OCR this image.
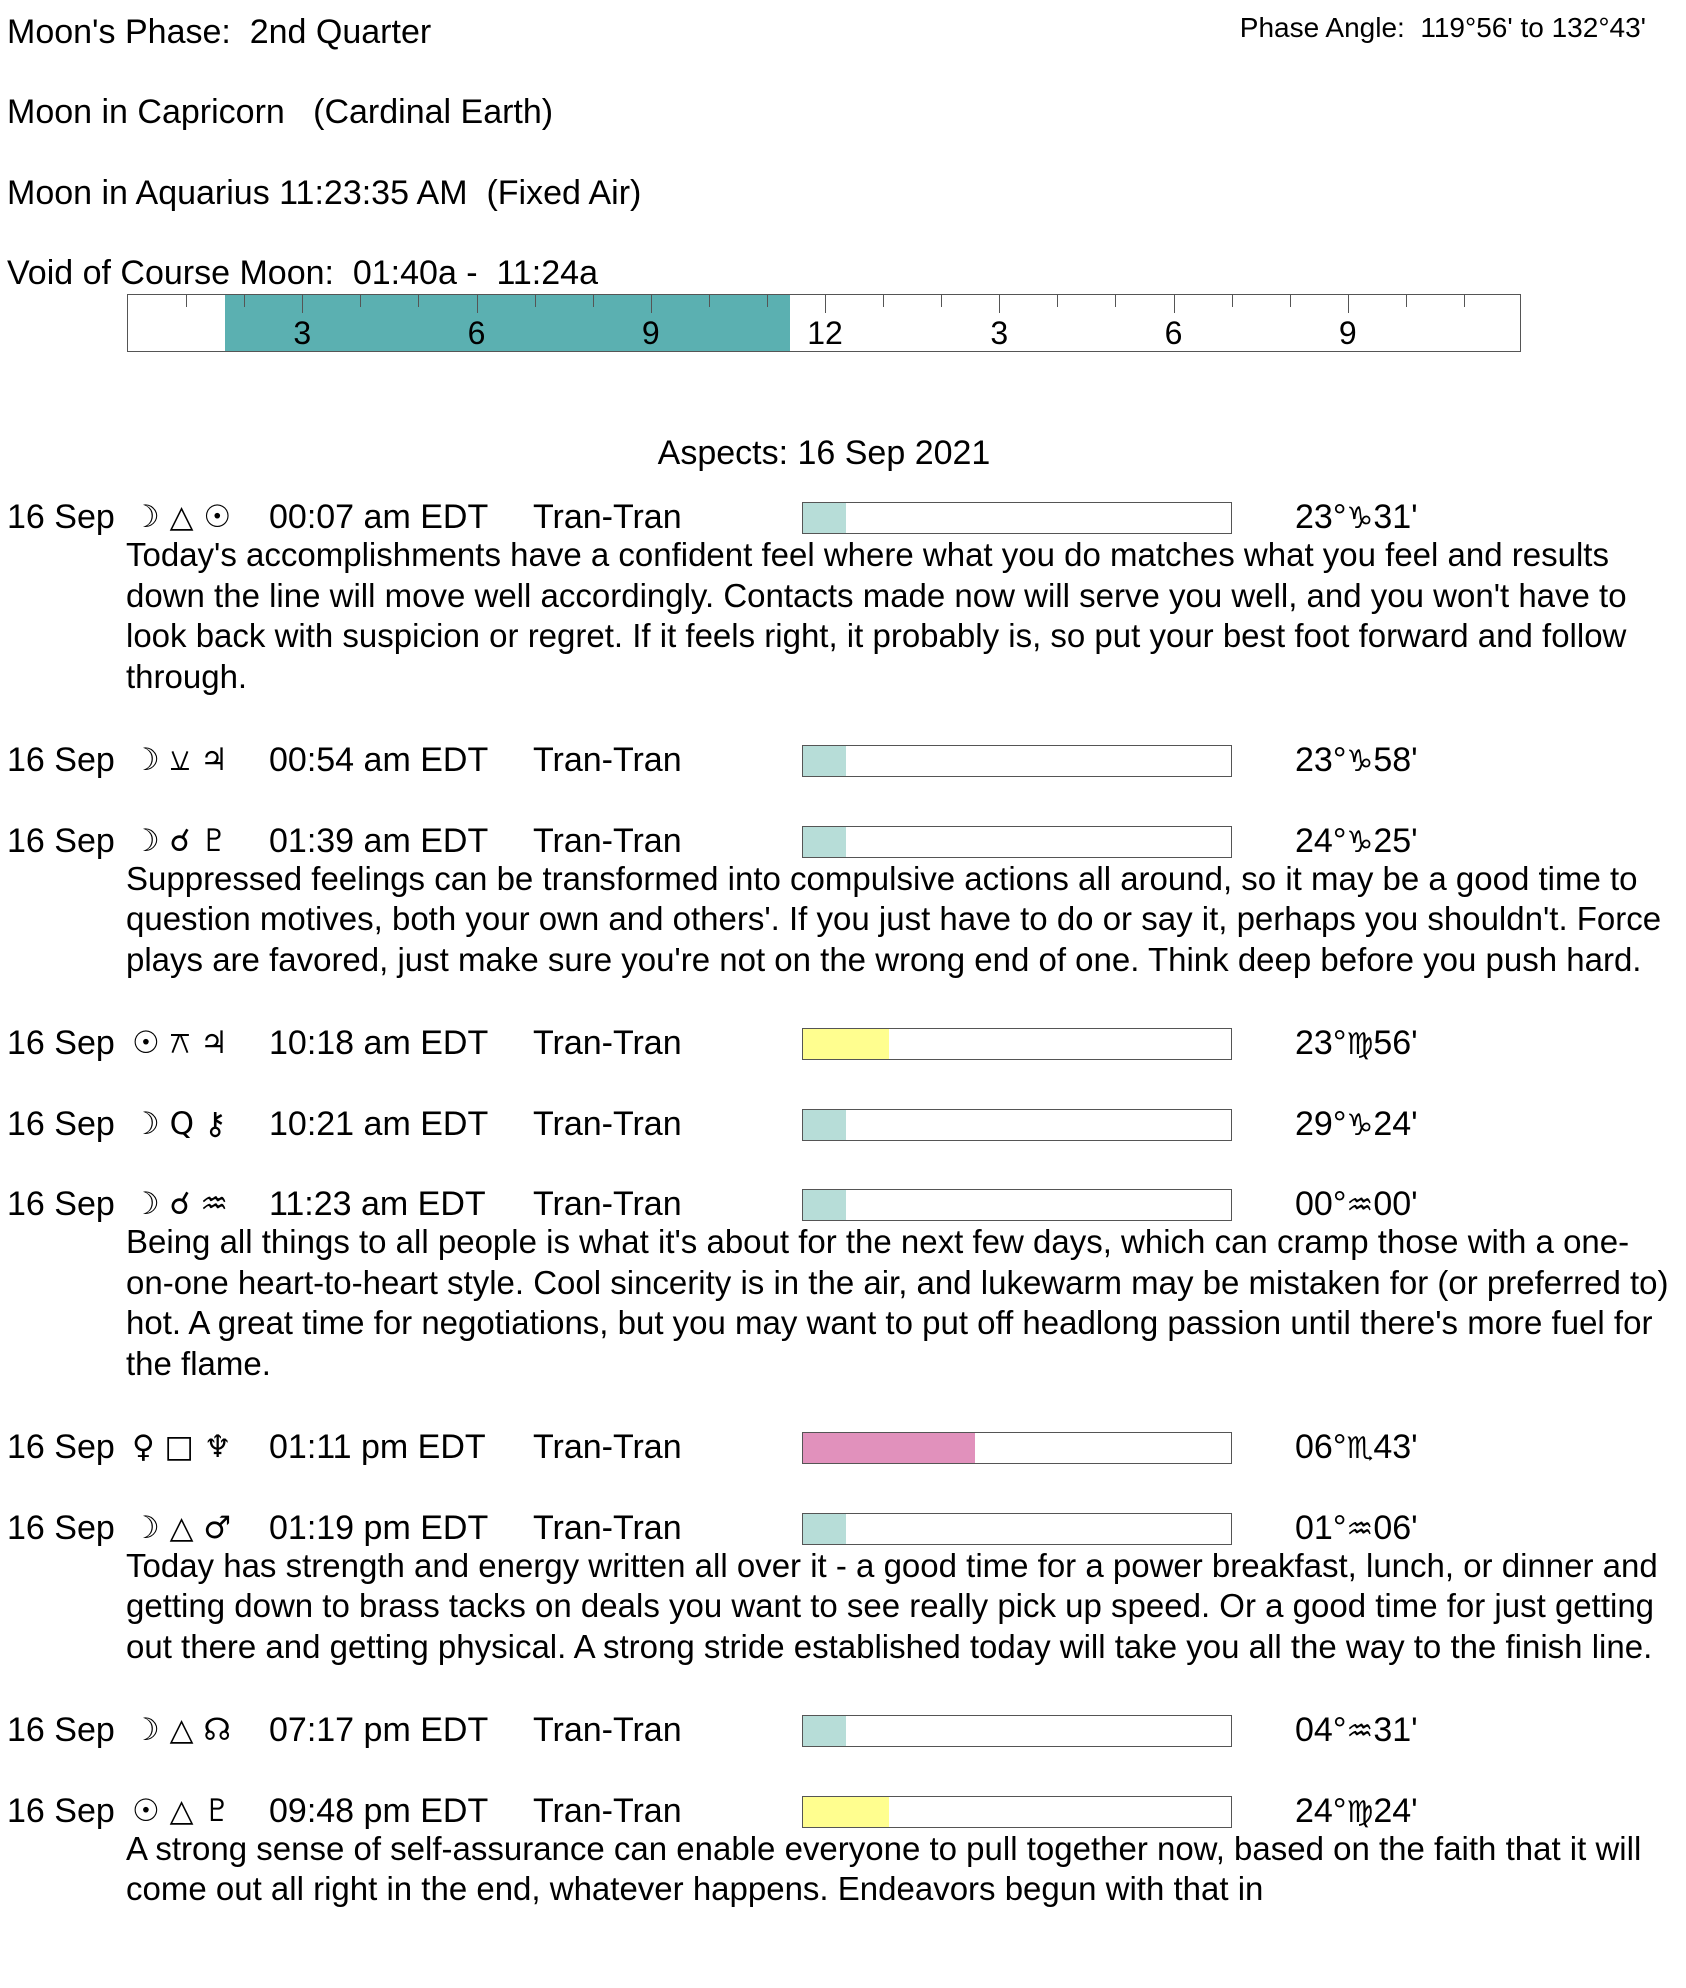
Moon's Phase:  2nd Quarter	Phase Angle:  119°56' to 132°43'
Moon in Capricorn   (Cardinal Earth)
Moon in Aquarius 11:23:35 AM  (Fixed Air)
Void of Course Moon:  01:40a -  11:24a
3	6	9	12	3	6	9
Aspects: 16 Sep 2021
16 Sep ☽ △ ☉ 00:07 am EDT Tran-Tran	23°♑31'
Today's accomplishments have a confident feel where what you do matches what you feel and results down the line will move well accordingly. Contacts made now will serve you well, and you won't have to look back with suspicion or regret. If it feels right, it probably is, so put your best foot forward and follow through.
16 Sep ☽ ⚺ ♃ 00:54 am EDT Tran-Tran	23°♑58'
16 Sep ☽ ☌ ♇ 01:39 am EDT Tran-Tran	24°♑25'
Suppressed feelings can be transformed into compulsive actions all around, so it may be a good time to question motives, both your own and others'. If you just have to do or say it, perhaps you shouldn't. Force plays are favored, just make sure you're not on the wrong end of one. Think deep before you push hard.
16 Sep ☉ ⚻ ♃ 10:18 am EDT Tran-Tran	23°♍56'
16 Sep ☽ Q ⚷ 10:21 am EDT Tran-Tran	29°♑24'
16 Sep ☽ ☌ ♒ 11:23 am EDT Tran-Tran	00°♒00'
Being all things to all people is what it's about for the next few days, which can cramp those with a one-on-one heart-to-heart style. Cool sincerity is in the air, and lukewarm may be mistaken for (or preferred to) hot. A great time for negotiations, but you may want to put off headlong passion until there's more fuel for the flame.
16 Sep ♀ □ ♆ 01:11 pm EDT Tran-Tran	06°♏43'
16 Sep ☽ △ ♂ 01:19 pm EDT Tran-Tran	01°♒06'
Today has strength and energy written all over it - a good time for a power breakfast, lunch, or dinner and getting down to brass tacks on deals you want to see really pick up speed. Or a good time for just getting out there and getting physical. A strong stride established today will take you all the way to the finish line.
16 Sep ☽ △ ☊ 07:17 pm EDT Tran-Tran	04°♒31'
16 Sep ☉ △ ♇ 09:48 pm EDT Tran-Tran	24°♍24'
A strong sense of self-assurance can enable everyone to pull together now, based on the faith that it will come out all right in the end, whatever happens. Endeavors begun with that in
